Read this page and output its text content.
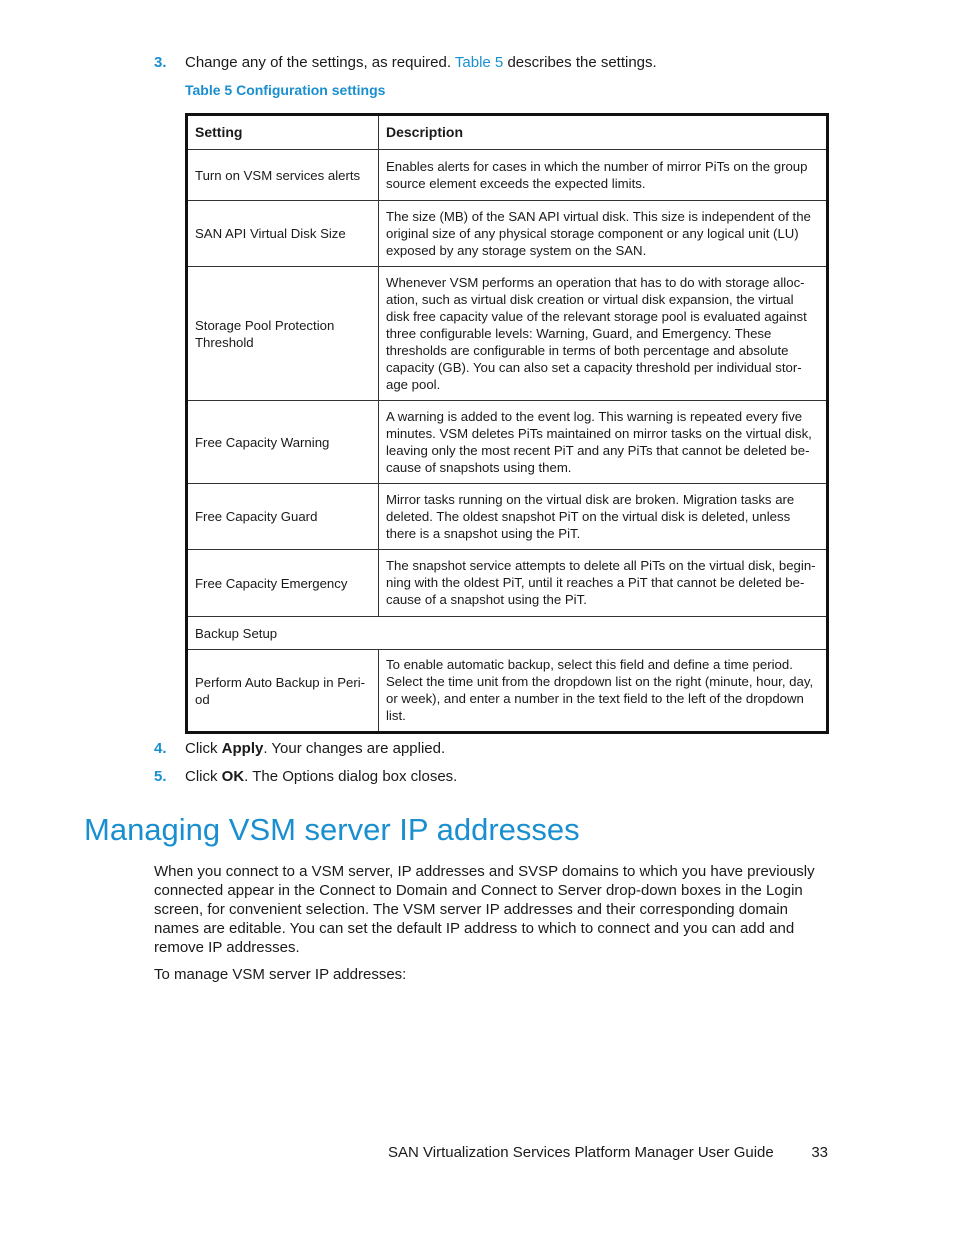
3. Change any of the settings, as required. Table 5 describes the settings.
Table 5 Configuration settings
Setting	Description
Turn on VSM services alerts	Enables alerts for cases in which the number of mirror PiTs on the group source element exceeds the expected limits.
SAN API Virtual Disk Size	The size (MB) of the SAN API virtual disk. This size is independent of the original size of any physical storage component or any logical unit (LU) exposed by any storage system on the SAN.
Storage Pool Protection Threshold	Whenever VSM performs an operation that has to do with storage allocation, such as virtual disk creation or virtual disk expansion, the virtual disk free capacity value of the relevant storage pool is evaluated against three configurable levels: Warning, Guard, and Emergency. These thresholds are configurable in terms of both percentage and absolute capacity (GB). You can also set a capacity threshold per individual storage pool.
Free Capacity Warning	A warning is added to the event log. This warning is repeated every five minutes. VSM deletes PiTs maintained on mirror tasks on the virtual disk, leaving only the most recent PiT and any PiTs that cannot be deleted because of snapshots using them.
Free Capacity Guard	Mirror tasks running on the virtual disk are broken. Migration tasks are deleted. The oldest snapshot PiT on the virtual disk is deleted, unless there is a snapshot using the PiT.
Free Capacity Emergency	The snapshot service attempts to delete all PiTs on the virtual disk, beginning with the oldest PiT, until it reaches a PiT that cannot be deleted because of a snapshot using the PiT.
Backup Setup	
Perform Auto Backup in Period	To enable automatic backup, select this field and define a time period. Select the time unit from the dropdown list on the right (minute, hour, day, or week), and enter a number in the text field to the left of the dropdown list.
4. Click Apply. Your changes are applied.
5. Click OK. The Options dialog box closes.
Managing VSM server IP addresses

When you connect to a VSM server, IP addresses and SVSP domains to which you have previously connected appear in the Connect to Domain and Connect to Server drop-down boxes in the Login screen, for convenient selection. The VSM server IP addresses and their corresponding domain names are editable. You can set the default IP address to which to connect and you can add and remove IP addresses.

To manage VSM server IP addresses:

SAN Virtualization Services Platform Manager User Guide	33
